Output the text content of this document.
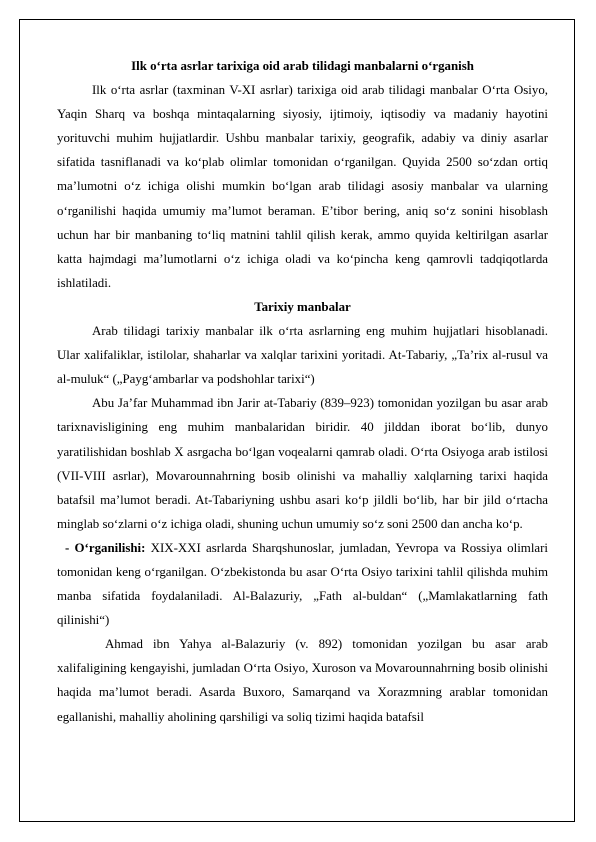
Ilk o‘rta asrlar tarixiga oid arab tilidagi manbalarni o‘rganish

Ilk o‘rta asrlar (taxminan V-XI asrlar) tarixiga oid arab tilidagi manbalar O‘rta Osiyo, Yaqin Sharq va boshqa mintaqalarning siyosiy, ijtimoiy, iqtisodiy va madaniy hayotini yorituvchi muhim hujjatlardir. Ushbu manbalar tarixiy, geografik, adabiy va diniy asarlar sifatida tasniflanadi va ko‘plab olimlar tomonidan o‘rganilgan. Quyida 2500 so‘zdan ortiq ma’lumotni o‘z ichiga olishi mumkin bo‘lgan arab tilidagi asosiy manbalar va ularning o‘rganilishi haqida umumiy ma’lumot beraman. E’tibor bering, aniq so‘z sonini hisoblash uchun har bir manbaning to‘liq matnini tahlil qilish kerak, ammo quyida keltirilgan asarlar katta hajmdagi ma’lumotlarni o‘z ichiga oladi va ko‘pincha keng qamrovli tadqiqotlarda ishlatiladi.

Tarixiy manbalar

Arab tilidagi tarixiy manbalar ilk o‘rta asrlarning eng muhim hujjatlari hisoblanadi. Ular xalifaliklar, istilolar, shaharlar va xalqlar tarixini yoritadi. At-Tabariy, „Ta’rix al-rusul va al-muluk“ („Payg‘ambarlar va podshohlar tarixi“)

Abu Ja’far Muhammad ibn Jarir at-Tabariy (839–923) tomonidan yozilgan bu asar arab tarixnavisligining eng muhim manbalaridan biridir. 40 jilddan iborat bo‘lib, dunyo yaratilishidan boshlab X asrgacha bo‘lgan voqealarni qamrab oladi. O‘rta Osiyoga arab istilosi (VII-VIII asrlar), Movarounnahrning bosib olinishi va mahalliy xalqlarning tarixi haqida batafsil ma’lumot beradi. At-Tabariyning ushbu asari ko‘p jildli bo‘lib, har bir jild o‘rtacha minglab so‘zlarni o‘z ichiga oladi, shuning uchun umumiy so‘z soni 2500 dan ancha ko‘p.

- O‘rganilishi: XIX-XXI asrlarda Sharqshunoslar, jumladan, Yevropa va Rossiya olimlari tomonidan keng o‘rganilgan. O‘zbekistonda bu asar O‘rta Osiyo tarixini tahlil qilishda muhim manba sifatida foydalaniladi. Al-Balazuriy, „Fath al-buldan“ („Mamlakatlarning fath qilinishi“)

Ahmad ibn Yahya al-Balazuriy (v. 892) tomonidan yozilgan bu asar arab xalifaligining kengayishi, jumladan O‘rta Osiyo, Xuroson va Movarounnahrning bosib olinishi haqida ma’lumot beradi. Asarda Buxoro, Samarqand va Xorazmning arablar tomonidan egallanishi, mahalliy aholining qarshiligi va soliq tizimi haqida batafsil
